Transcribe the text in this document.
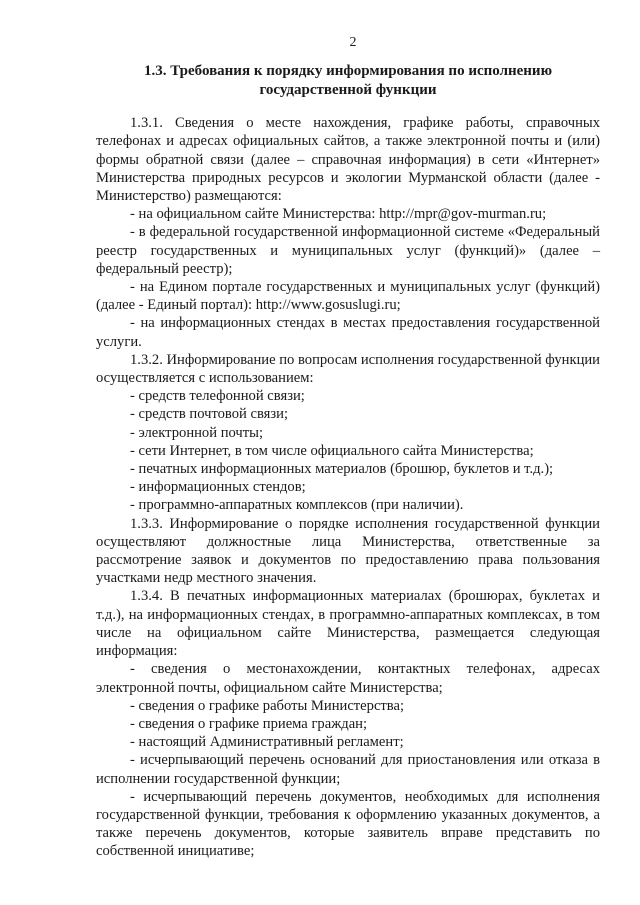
2
1.3. Требования к порядку информирования по исполнению государственной функции

1.3.1. Сведения о месте нахождения, графике работы, справочных телефонах и адресах официальных сайтов, а также электронной почты и (или) формы обратной связи (далее – справочная информация) в сети «Интернет» Министерства природных ресурсов и экологии Мурманской области (далее - Министерство) размещаются:

- на официальном сайте Министерства: http://mpr@gov-murman.ru;

- в федеральной государственной информационной системе «Федеральный реестр государственных и муниципальных услуг (функций)» (далее – федеральный реестр);

- на Едином портале государственных и муниципальных услуг (функций) (далее - Единый портал): http://www.gosuslugi.ru;

- на информационных стендах в местах предоставления государственной услуги.

1.3.2. Информирование по вопросам исполнения государственной функции осуществляется с использованием:

- средств телефонной связи;

- средств почтовой связи;

- электронной почты;

- сети Интернет, в том числе официального сайта Министерства;

- печатных информационных материалов (брошюр, буклетов и т.д.);

- информационных стендов;

- программно-аппаратных комплексов (при наличии).

1.3.3. Информирование о порядке исполнения государственной функции осуществляют должностные лица Министерства, ответственные за рассмотрение заявок и документов по предоставлению права пользования участками недр местного значения.

1.3.4. В печатных информационных материалах (брошюрах, буклетах и т.д.), на информационных стендах, в программно-аппаратных комплексах, в том числе на официальном сайте Министерства, размещается следующая информация:

- сведения о местонахождении, контактных телефонах, адресах электронной почты, официальном сайте Министерства;

- сведения о графике работы Министерства;

- сведения о графике приема граждан;

- настоящий Административный регламент;

- исчерпывающий перечень оснований для приостановления или отказа в исполнении государственной функции;

- исчерпывающий перечень документов, необходимых для исполнения государственной функции, требования к оформлению указанных документов, а также перечень документов, которые заявитель вправе представить по собственной инициативе;
